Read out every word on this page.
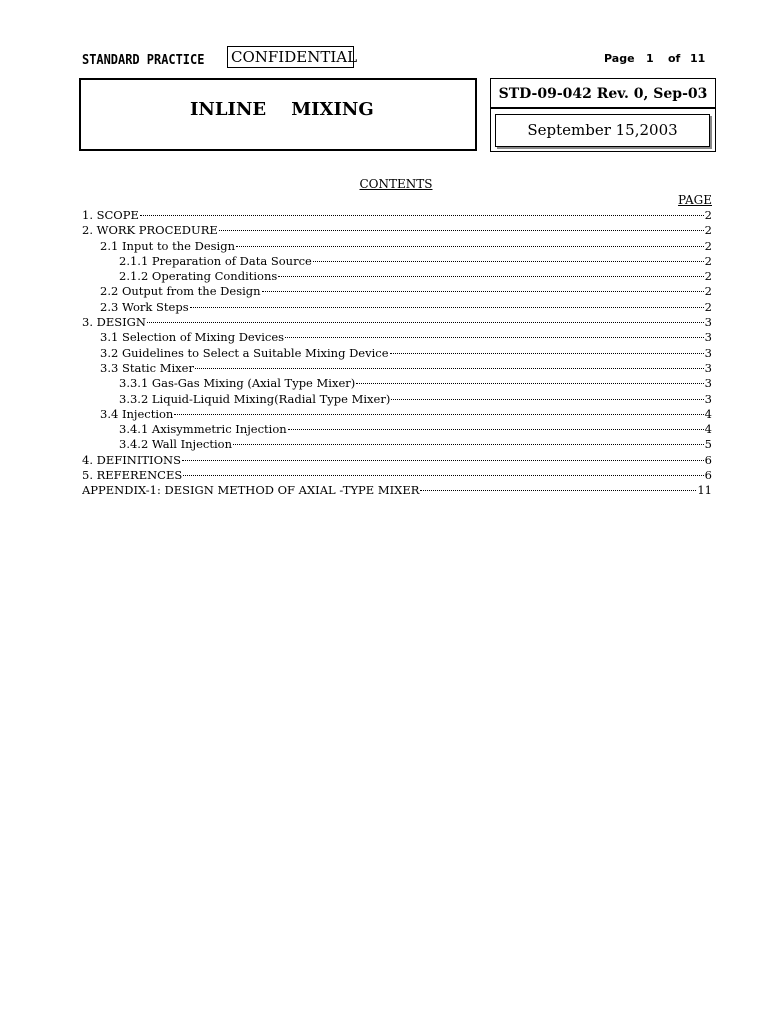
STANDARD PRACTICE CONFIDENTIAL	Page	1	of 11
INLINE    MIXING
STD-09-042 Rev. 0, Sep-03
September 15,2003
CONTENTS
PAGE
1. SCOPE	2
2. WORK PROCEDURE	2
2.1 Input to the Design	2
2.1.1 Preparation of Data Source	2
2.1.2 Operating Conditions	2
2.2 Output from the Design	2
2.3 Work Steps	2
3. DESIGN	3
3.1 Selection of Mixing Devices	3
3.2 Guidelines to Select a Suitable Mixing Device	3
3.3 Static Mixer	3
3.3.1 Gas-Gas Mixing (Axial Type Mixer)	3
3.3.2 Liquid-Liquid Mixing(Radial Type Mixer)	3
3.4 Injection	4
3.4.1 Axisymmetric Injection	4
3.4.2 Wall Injection	5
4. DEFINITIONS	6
5. REFERENCES	6
APPENDIX-1: DESIGN METHOD OF AXIAL -TYPE MIXER	11
